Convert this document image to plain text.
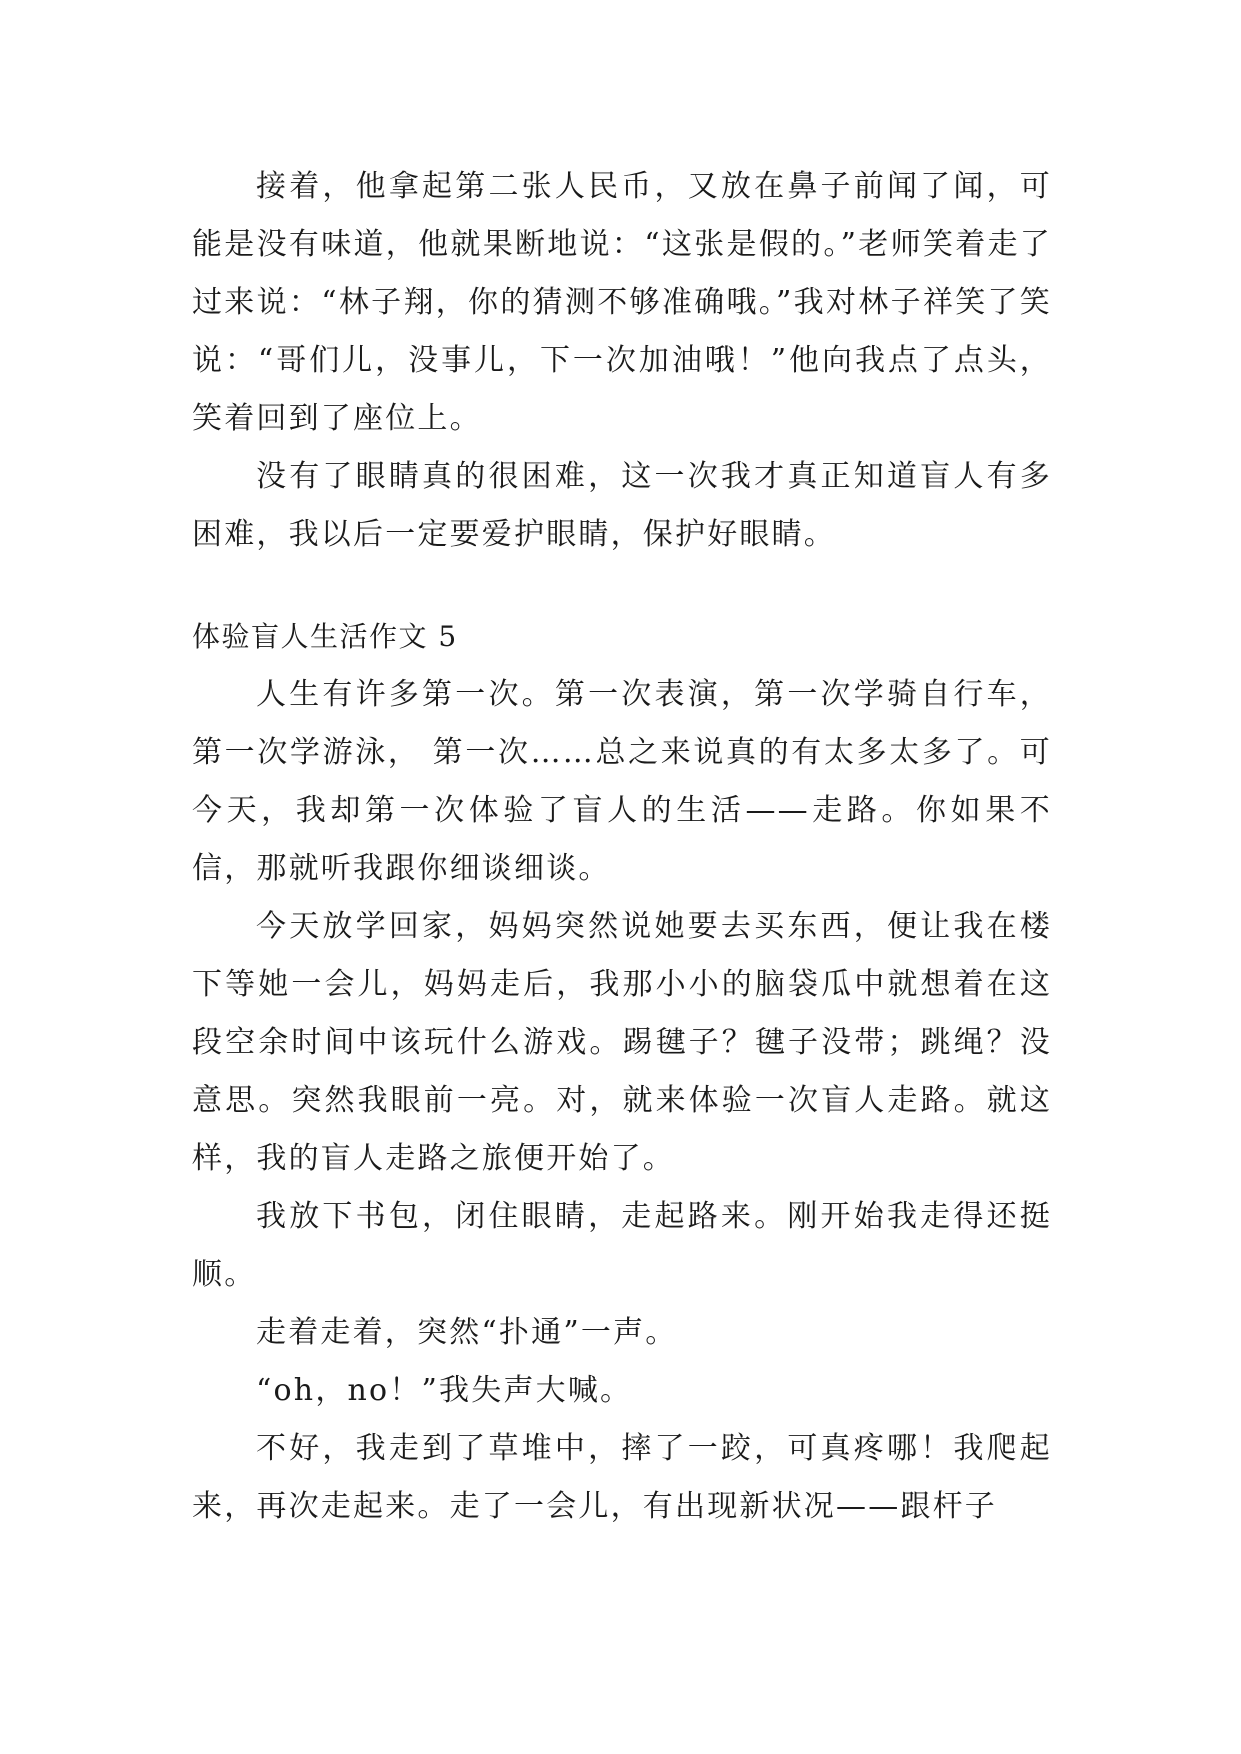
接着，他拿起第二张人民币，又放在鼻子前闻了闻，可能是没有味道，他就果断地说：“这张是假的。”老师笑着走了过来说：“林子翔，你的猜测不够准确哦。”我对林子祥笑了笑说：“哥们儿，没事儿，下一次加油哦！”他向我点了点头，笑着回到了座位上。

没有了眼睛真的很困难，这一次我才真正知道盲人有多困难，我以后一定要爱护眼睛，保护好眼睛。

体验盲人生活作文 5

人生有许多第一次。第一次表演，第一次学骑自行车，第一次学游泳， 第一次……总之来说真的有太多太多了。可今天，我却第一次体验了盲人的生活——走路。你如果不信，那就听我跟你细谈细谈。

今天放学回家，妈妈突然说她要去买东西，便让我在楼下等她一会儿，妈妈走后，我那小小的脑袋瓜中就想着在这段空余时间中该玩什么游戏。踢毽子？毽子没带；跳绳？没意思。突然我眼前一亮。对，就来体验一次盲人走路。就这样，我的盲人走路之旅便开始了。

我放下书包，闭住眼睛，走起路来。刚开始我走得还挺顺。

走着走着，突然“扑通”一声。

“oh，no！”我失声大喊。

不好，我走到了草堆中，摔了一跤，可真疼哪！我爬起来，再次走起来。走了一会儿，有出现新状况——跟杆子
